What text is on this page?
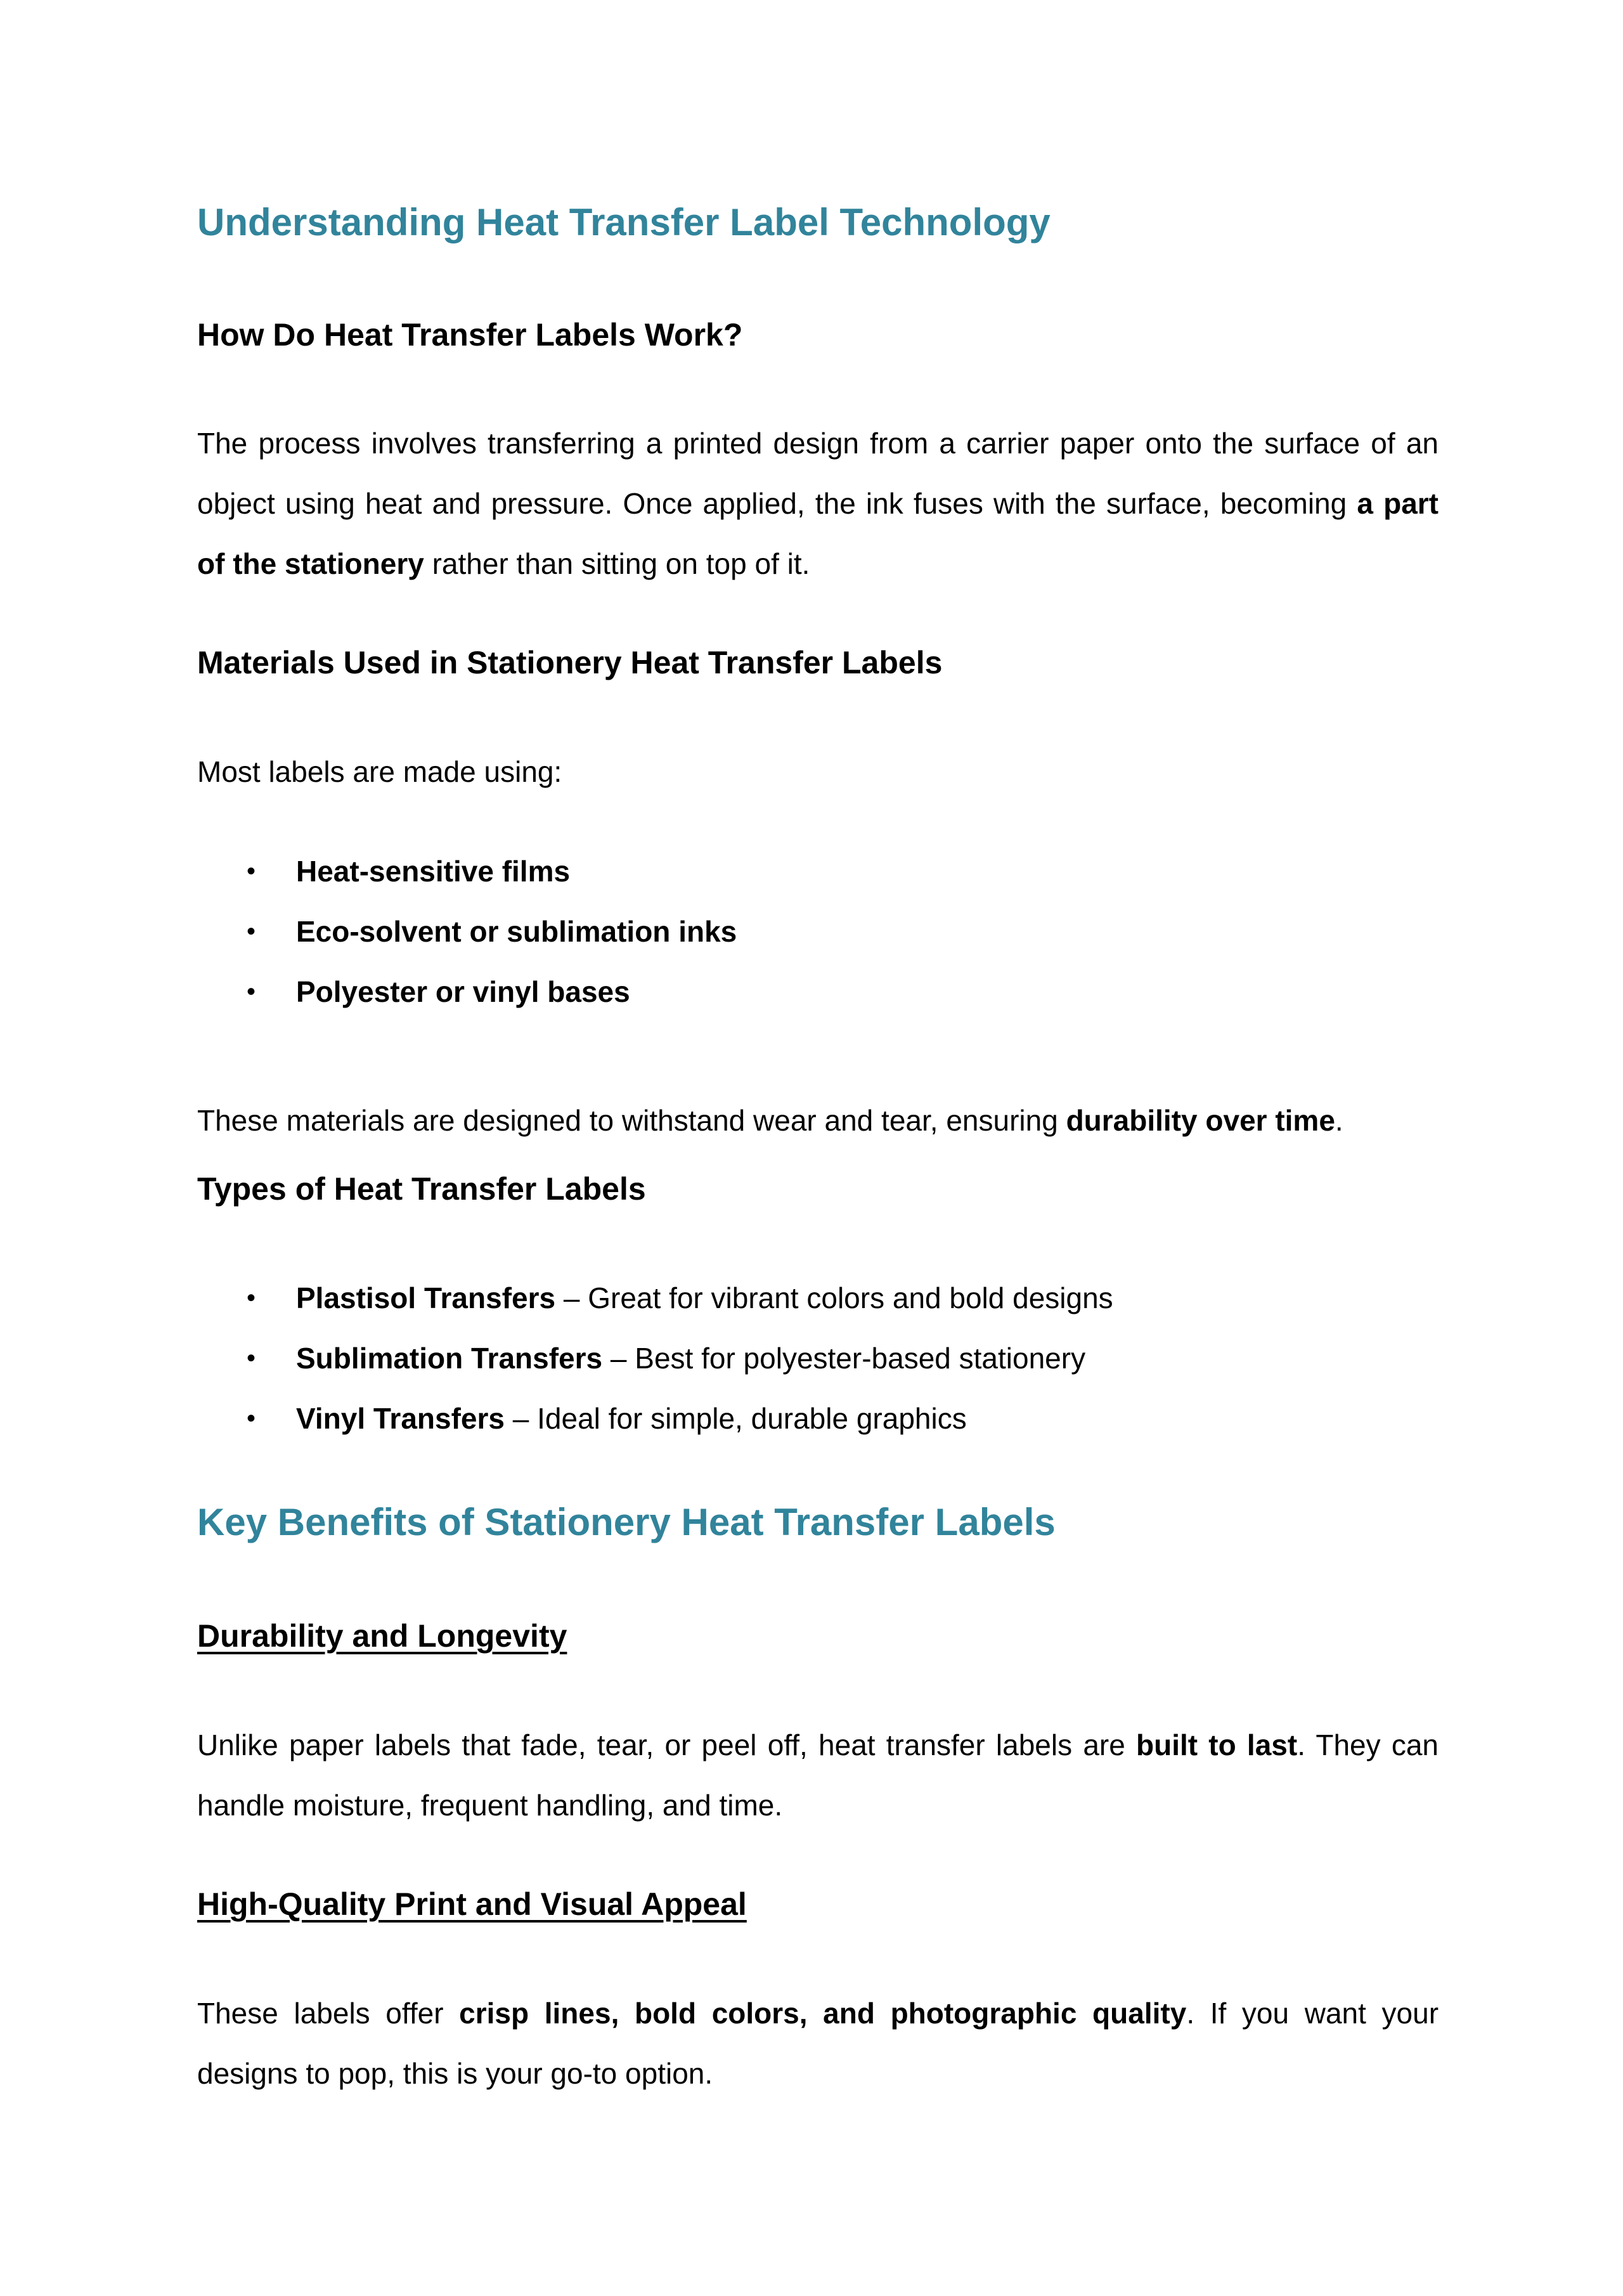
Understanding Heat Transfer Label Technology
How Do Heat Transfer Labels Work?

The process involves transferring a printed design from a carrier paper onto the surface of an object using heat and pressure. Once applied, the ink fuses with the surface, becoming a part of the stationery rather than sitting on top of it.

Materials Used in Stationery Heat Transfer Labels

Most labels are made using:

• Heat-sensitive films
• Eco-solvent or sublimation inks
• Polyester or vinyl bases

These materials are designed to withstand wear and tear, ensuring durability over time.

Types of Heat Transfer Labels
• Plastisol Transfers – Great for vibrant colors and bold designs
• Sublimation Transfers – Best for polyester-based stationery
• Vinyl Transfers – Ideal for simple, durable graphics
Key Benefits of Stationery Heat Transfer Labels
Durability and Longevity

Unlike paper labels that fade, tear, or peel off, heat transfer labels are built to last. They can handle moisture, frequent handling, and time.

High-Quality Print and Visual Appeal

These labels offer crisp lines, bold colors, and photographic quality. If you want your designs to pop, this is your go-to option.
